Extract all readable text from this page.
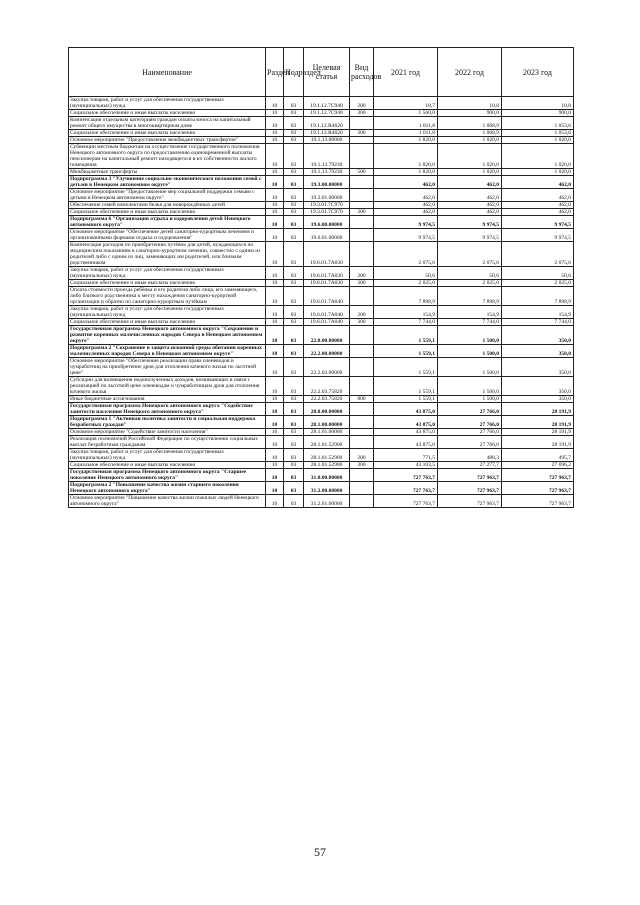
Наименование	Раздел	Подраздел	Целевая статья	Вид расходов	2021 год	2022 год	2023 год
Закупка товаров, работ и услуг для обеспечения государственных (муниципальных) нужд	10	03	19.1.12.7С940	200	18,7	10,8	10,8
Социальное обеспечение и иные выплаты населению	10	03	19.1.12.7С940	300	1 560,0	900,0	900,0
Компенсация отдельным категориям граждан оплаты взноса на капитальный ремонт общего имущества в многоквартирном доме	10	03	19.1.12.R4620		1 011,8	1 068,9	1 053,6
Социальное обеспечение и иные выплаты населению	10	03	19.1.12.R4620	300	1 011,8	1 068,9	1 053,6
Основное мероприятие "Предоставление межбюджетных трансфертов"	10	03	19.1.13.00000		1 820,0	1 020,0	1 020,0
Субвенции местным бюджетам на осуществление государственного полномочия Ненецкого автономного округа по предоставлению единовременной выплаты пенсионерам на капитальный ремонт находящегося в их собственности жилого помещения	10	03	19.1.13.79230		1 820,0	1 020,0	1 020,0
Межбюджетные трансферты	10	03	19.1.13.79230	500	1 820,0	1 020,0	1 020,0
Подпрограмма 3 "Улучшение социально-экономического положения семей с детьми в Ненецком автономном округе"	10	03	19.3.00.00000		462,0	462,0	462,0
Основное мероприятие "Предоставление мер социальной поддержки семьям с детьми в Ненецком автономном округе"	10	03	19.3.01.00000		462,0	462,0	462,0
Обеспечение семей комплектами белья для новорождённых детей	10	03	19.3.01.7С970		462,0	462,0	462,0
Социальное обеспечение и иные выплаты населению	10	03	19.3.01.7С970	300	462,0	462,0	462,0
Подпрограмма 6 "Организация отдыха и оздоровления детей Ненецкого автономного округа"	10	03	19.6.00.00000		9 974,5	9 974,5	9 974,5
Основное мероприятие "Обеспечение детей санаторно-курортным лечением и организованными формами отдыха и оздоровления"	10	03	19.6.01.00000		9 974,5	9 974,5	9 974,5
Компенсация расходов по приобретению путёвок для детей, нуждающихся по медицинским показаниям в санаторно-курортном лечении, совместно с одним из родителей либо с одним из лиц, заменяющих им родителей, или близким родственником	10	03	19.6.01.7А030		2 075,6	2 075,6	2 075,6
Закупка товаров, работ и услуг для обеспечения государственных (муниципальных) нужд	10	03	19.6.01.7А030	200	50,6	50,6	50,6
Социальное обеспечение и иные выплаты населению	10	03	19.6.01.7А030	300	2 025,0	2 025,0	2 025,0
Оплата стоимости проезда ребёнка и его родителя либо лица, его заменяющего, либо близкого родственника к месту нахождения санаторно-курортной организации и обратно по санаторно-курортным путёвкам	10	03	19.6.01.7А040		7 898,9	7 898,9	7 898,9
Закупка товаров, работ и услуг для обеспечения государственных (муниципальных) нужд	10	03	19.6.01.7А040	200	154,9	154,9	154,9
Социальное обеспечение и иные выплаты населению	10	03	19.6.01.7А040	300	7 744,0	7 744,0	7 744,0
Государственная программа Ненецкого автономного округа "Сохранение и развитие коренных малочисленных народов Севера в Ненецком автономном округе"	10	03	22.0.00.00000		1 559,1	1 500,0	350,0
Подпрограмма 2 "Сохранение и защита исконной среды обитания коренных малочисленных народов Севера в Ненецком автономном округе"	10	03	22.2.00.00000		1 559,1	1 500,0	350,0
Основное мероприятие "Обеспечение реализации права оленеводов и чумработниц на приобретение дров для отопления кочевого жилья по льготной цене"	10	03	22.2.03.00000		1 559,1	1 500,0	350,0
Субсидии для возмещения недополученных доходов, возникающих в связи с реализацией по льготной цене оленеводам и чумработницам дров для отопления кочевого жилья	10	03	22.2.03.75820		1 559,1	1 500,0	350,0
Иные бюджетные ассигнования	10	03	22.2.03.75820	800	1 559,1	1 500,0	350,0
Государственная программа Ненецкого автономного округа "Содействие занятости населения Ненецкого автономного округа"	10	03	28.0.00.00000		43 875,0	27 766,0	28 191,9
Подпрограмма 1 "Активная политика занятости и социальная поддержка безработных граждан"	10	03	28.1.00.00000		43 875,0	27 766,0	28 191,9
Основное мероприятие "Содействие занятости населения"	10	03	28.1.01.00000		43 875,0	27 766,0	28 191,9
Реализация полномочий Российской Федерации по осуществлению социальных выплат безработным гражданам	10	03	28.1.01.52900		43 875,0	27 766,0	28 191,9
Закупка товаров, работ и услуг для обеспечения государственных (муниципальных) нужд	10	03	28.1.01.52900	200	771,5	488,3	495,7
Социальное обеспечение и иные выплаты населению	10	03	28.1.01.52900	300	43 103,5	27 277,7	27 696,2
Государственная программа Ненецкого автономного округа "Старшее поколение Ненецкого автономного округа"	10	03	31.0.00.00000		727 763,7	727 963,7	727 963,7
Подпрограмма 2 "Повышение качества жизни старшего поколения Ненецкого автономного округа"	10	03	31.2.00.00000		727 763,7	727 963,7	727 963,7
Основное мероприятие "Повышение качества жизни пожилых людей Ненецкого автономного округа"	10	03	31.2.01.00000		727 763,7	727 963,7	727 963,7
57
